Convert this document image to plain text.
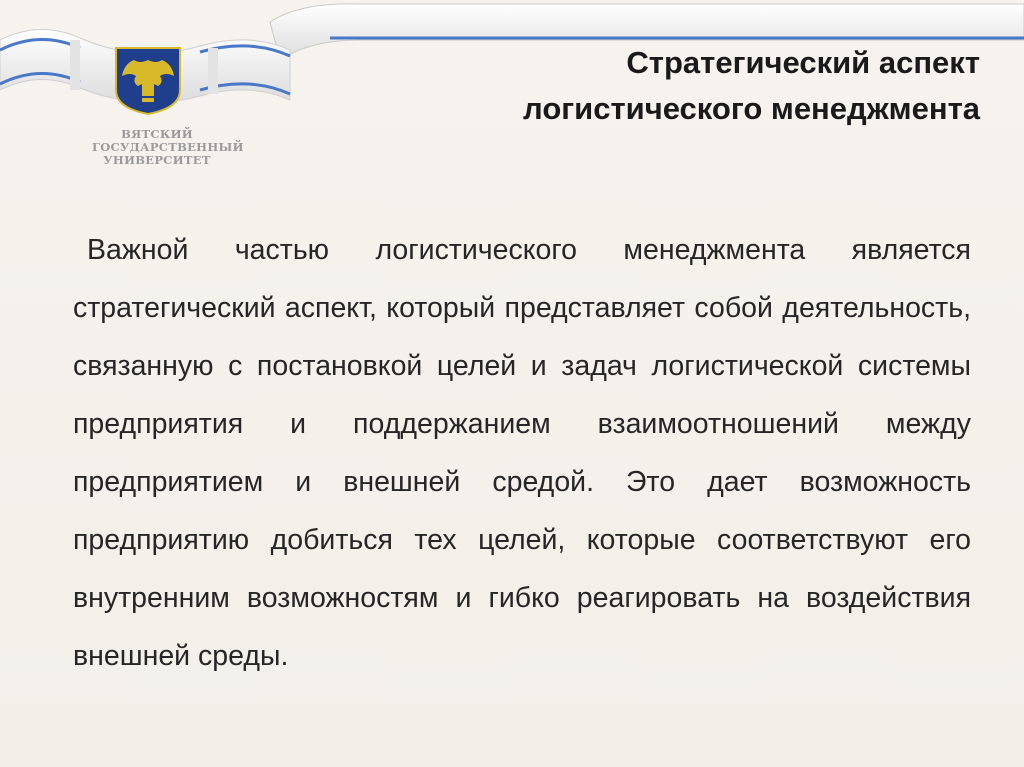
ВЯТСКИЙ
ГОСУДАРСТВЕННЫЙ
УНИВЕРСИТЕТ
Стратегический аспект
логистического менеджмента

Важной частью логистического менеджмента является стратегический аспект, который представляет собой деятельность, связанную с постановкой целей и задач логистической системы предприятия и поддержанием взаимоотношений между предприятием и внешней средой. Это дает возможность предприятию добиться тех целей, которые соответствуют его внутренним возможностям и гибко реагировать на воздействия внешней среды.
